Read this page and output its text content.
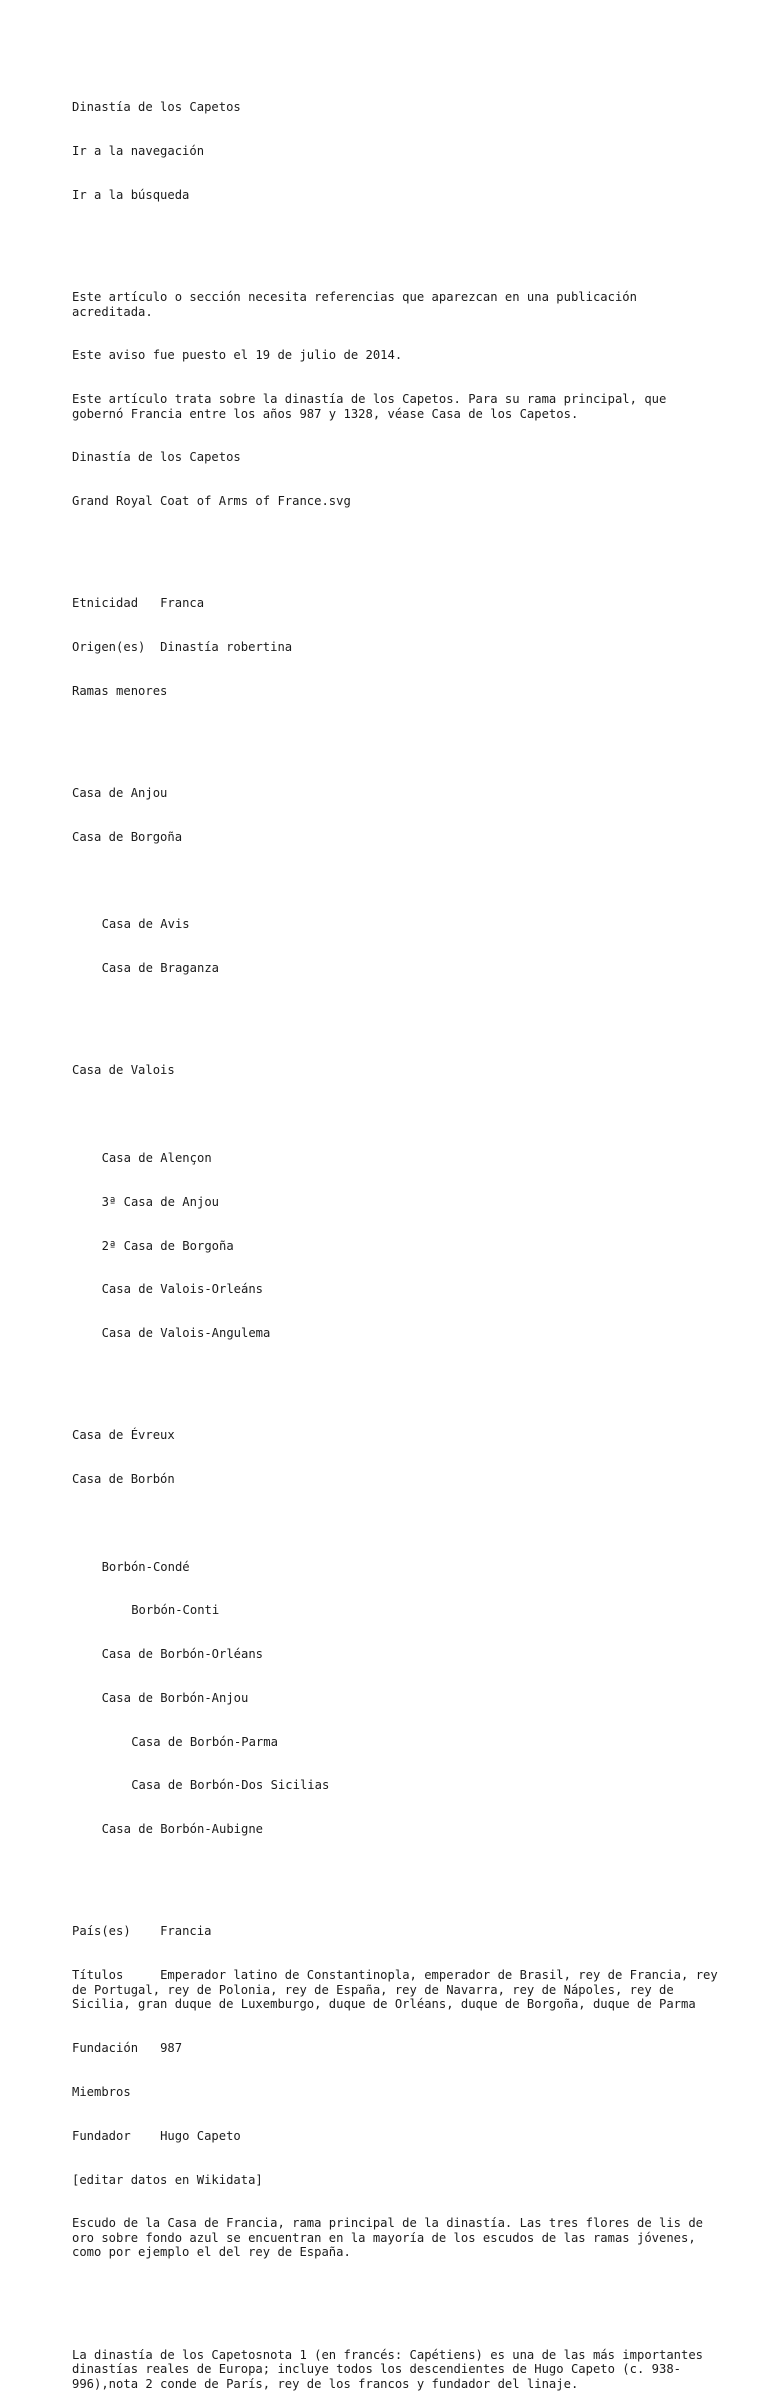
Dinastía de los Capetos

Ir a la navegación

Ir a la búsqueda

Este artículo o sección necesita referencias que aparezcan en una publicación acreditada.

Este aviso fue puesto el 19 de julio de 2014.

Este artículo trata sobre la dinastía de los Capetos. Para su rama principal, que gobernó Francia entre los años 987 y 1328, véase Casa de los Capetos.

Dinastía de los Capetos

Grand Royal Coat of Arms of France.svg

Etnicidad Franca

Origen(es) Dinastía robertina

Ramas menores

Casa de Anjou

Casa de Borgoña

Casa de Avis

Casa de Braganza

Casa de Valois

Casa de Alençon

3ª Casa de Anjou

2ª Casa de Borgoña

Casa de Valois-Orleáns

Casa de Valois-Angulema

Casa de Évreux

Casa de Borbón

Borbón-Condé

Borbón-Conti

Casa de Borbón-Orléans

Casa de Borbón-Anjou

Casa de Borbón-Parma

Casa de Borbón-Dos Sicilias

Casa de Borbón-Aubigne

País(es) Francia

Títulos	Emperador latino de Constantinopla, emperador de Brasil, rey de Francia, rey de Portugal, rey de Polonia, rey de España, rey de Navarra, rey de Nápoles, rey de Sicilia, gran duque de Luxemburgo, duque de Orléans, duque de Borgoña, duque de Parma

Fundación 987

Miembros

Fundador Hugo Capeto

[editar datos en Wikidata]

Escudo de la Casa de Francia, rama principal de la dinastía. Las tres flores de lis de oro sobre fondo azul se encuentran en la mayoría de los escudos de las ramas jóvenes, como por ejemplo el del rey de España.

La dinastía de los Capetosnota 1 (en francés: Capétiens) es una de las más importantes dinastías reales de Europa; incluye todos los descendientes de Hugo Capeto (c. 938-996),nota 2 conde de París, rey de los francos y fundador del linaje.
